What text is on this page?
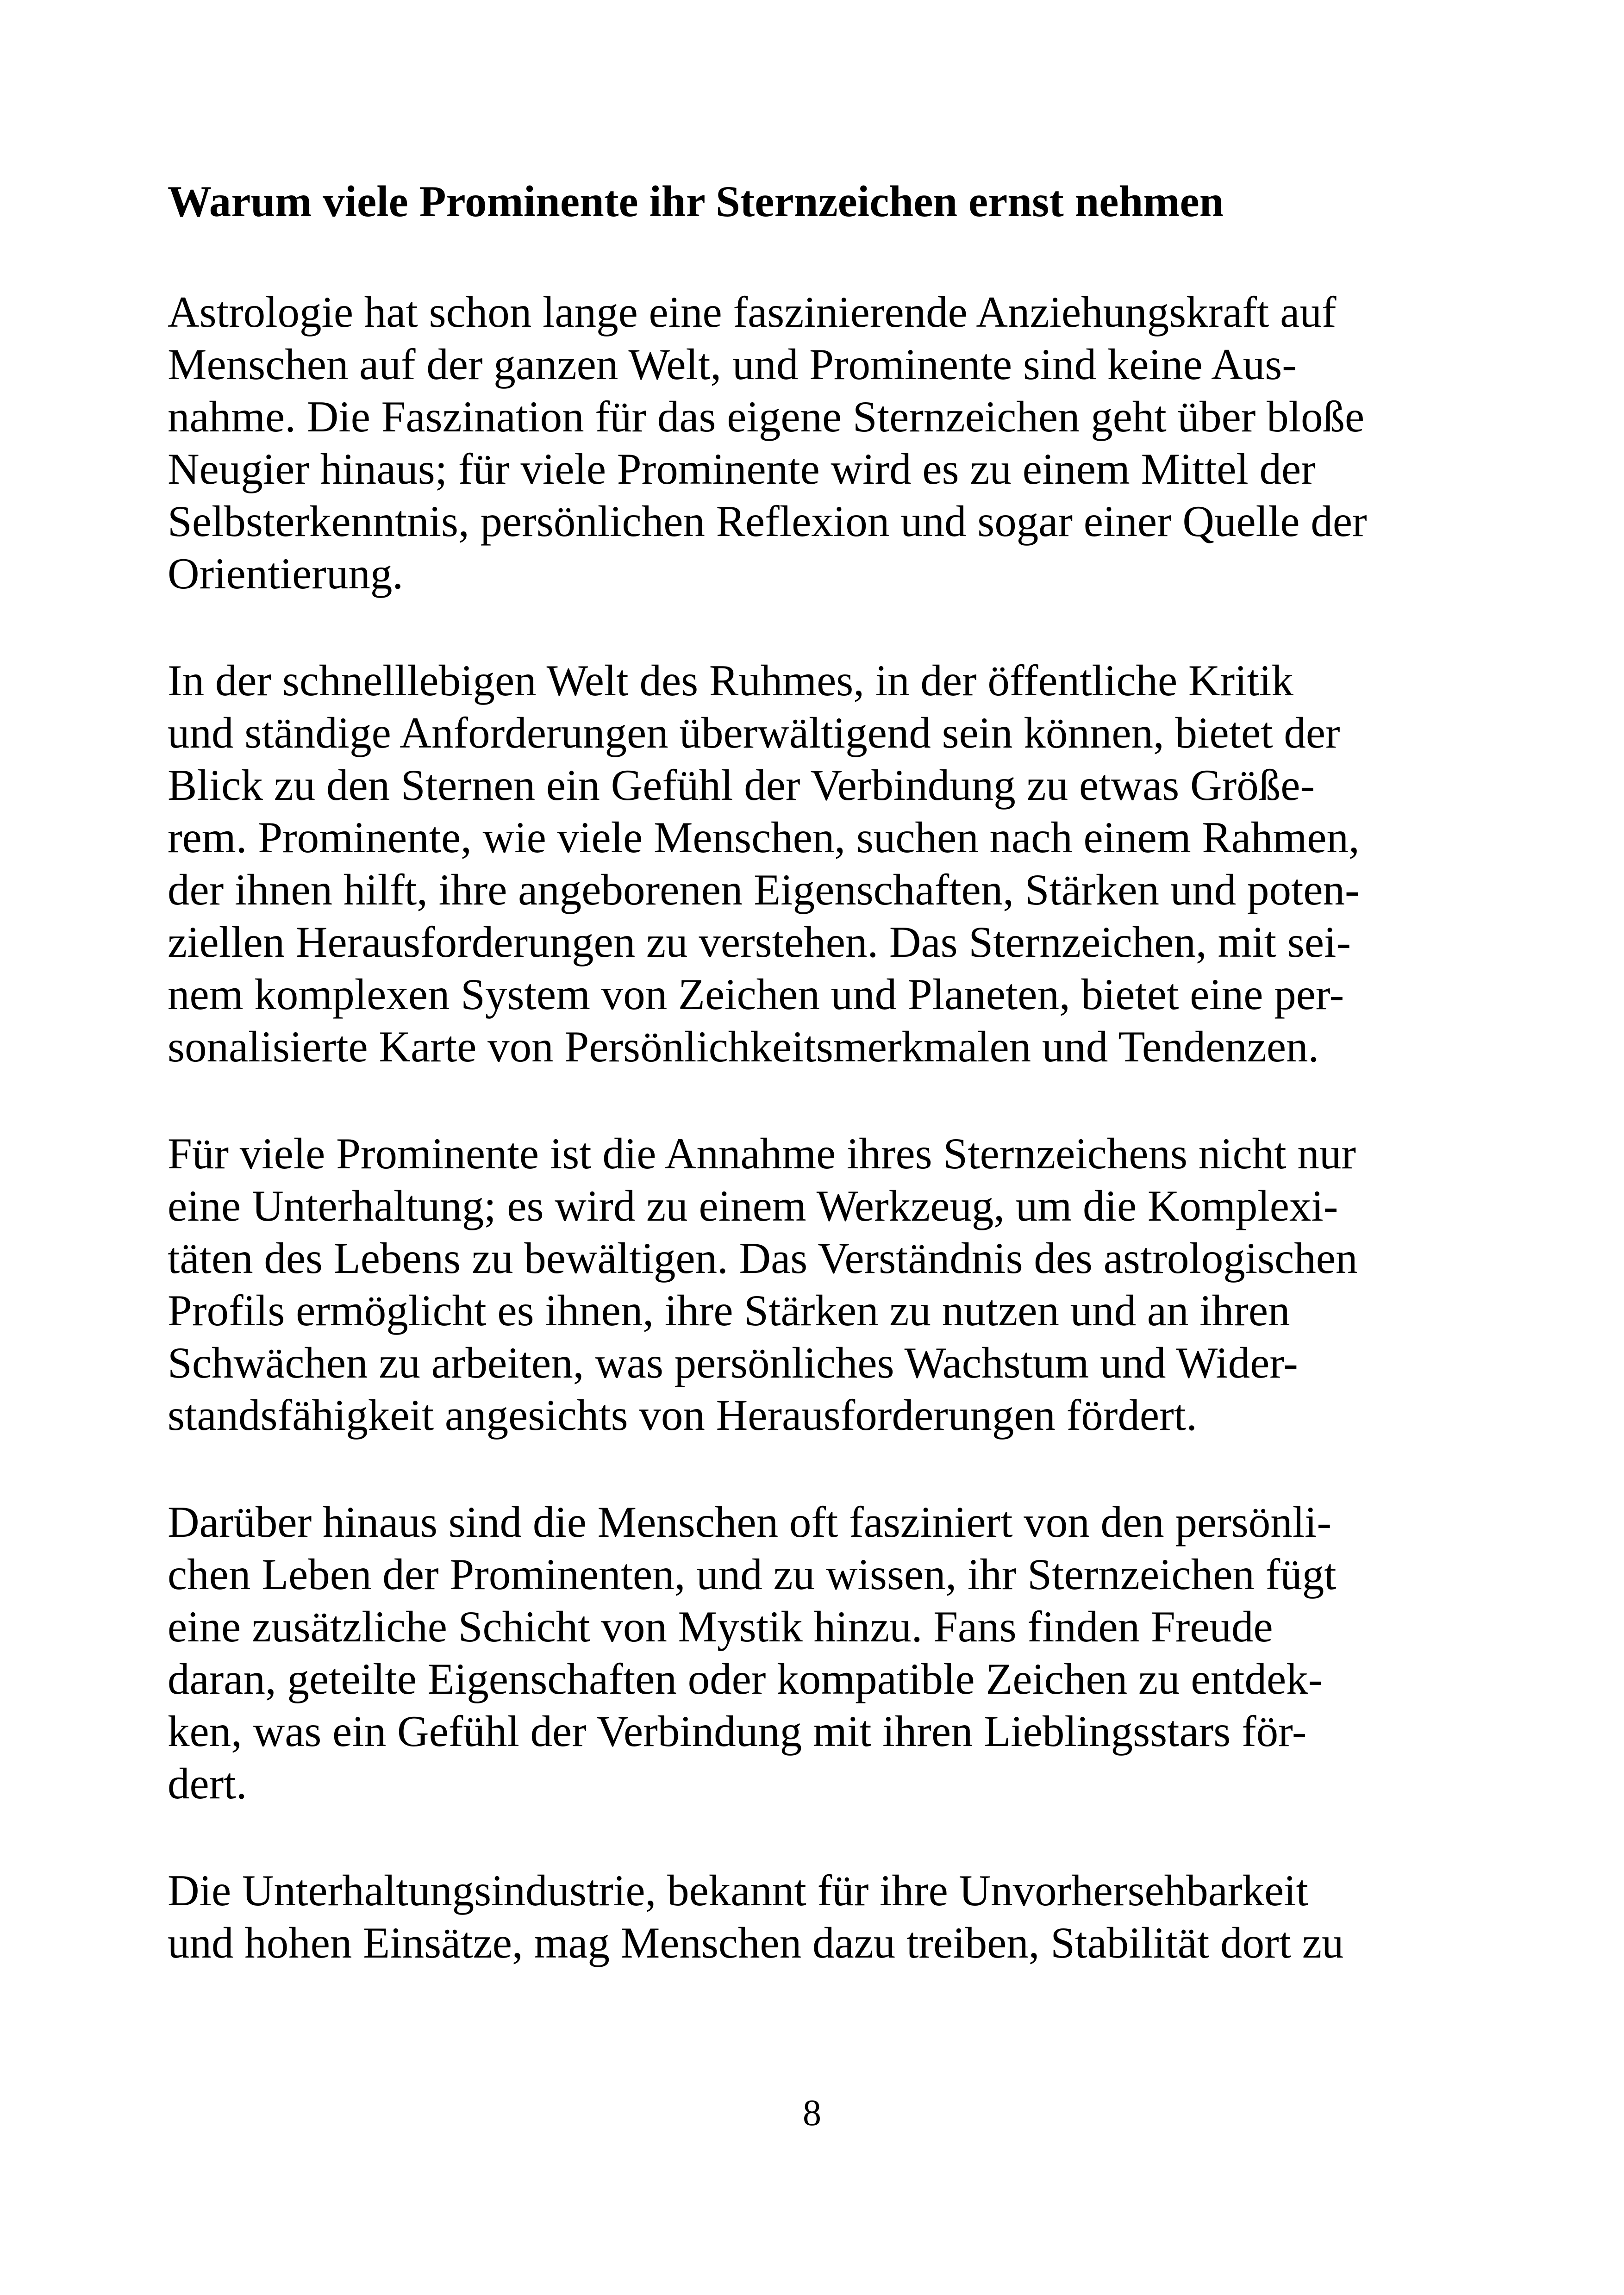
Warum viele Prominente ihr Sternzeichen ernst nehmen

Astrologie hat schon lange eine faszinierende Anziehungskraft auf
Menschen auf der ganzen Welt, und Prominente sind keine Aus-
nahme. Die Faszination für das eigene Sternzeichen geht über bloße
Neugier hinaus; für viele Prominente wird es zu einem Mittel der
Selbsterkenntnis, persönlichen Reflexion und sogar einer Quelle der
Orientierung.

In der schnelllebigen Welt des Ruhmes, in der öffentliche Kritik
und ständige Anforderungen überwältigend sein können, bietet der
Blick zu den Sternen ein Gefühl der Verbindung zu etwas Größe-
rem. Prominente, wie viele Menschen, suchen nach einem Rahmen,
der ihnen hilft, ihre angeborenen Eigenschaften, Stärken und poten-
ziellen Herausforderungen zu verstehen. Das Sternzeichen, mit sei-
nem komplexen System von Zeichen und Planeten, bietet eine per-
sonalisierte Karte von Persönlichkeitsmerkmalen und Tendenzen.

Für viele Prominente ist die Annahme ihres Sternzeichens nicht nur
eine Unterhaltung; es wird zu einem Werkzeug, um die Komplexi-
täten des Lebens zu bewältigen. Das Verständnis des astrologischen
Profils ermöglicht es ihnen, ihre Stärken zu nutzen und an ihren
Schwächen zu arbeiten, was persönliches Wachstum und Wider-
standsfähigkeit angesichts von Herausforderungen fördert.

Darüber hinaus sind die Menschen oft fasziniert von den persönli-
chen Leben der Prominenten, und zu wissen, ihr Sternzeichen fügt
eine zusätzliche Schicht von Mystik hinzu. Fans finden Freude
daran, geteilte Eigenschaften oder kompatible Zeichen zu entdek-
ken, was ein Gefühl der Verbindung mit ihren Lieblingsstars för-
dert.

Die Unterhaltungsindustrie, bekannt für ihre Unvorhersehbarkeit
und hohen Einsätze, mag Menschen dazu treiben, Stabilität dort zu

8
